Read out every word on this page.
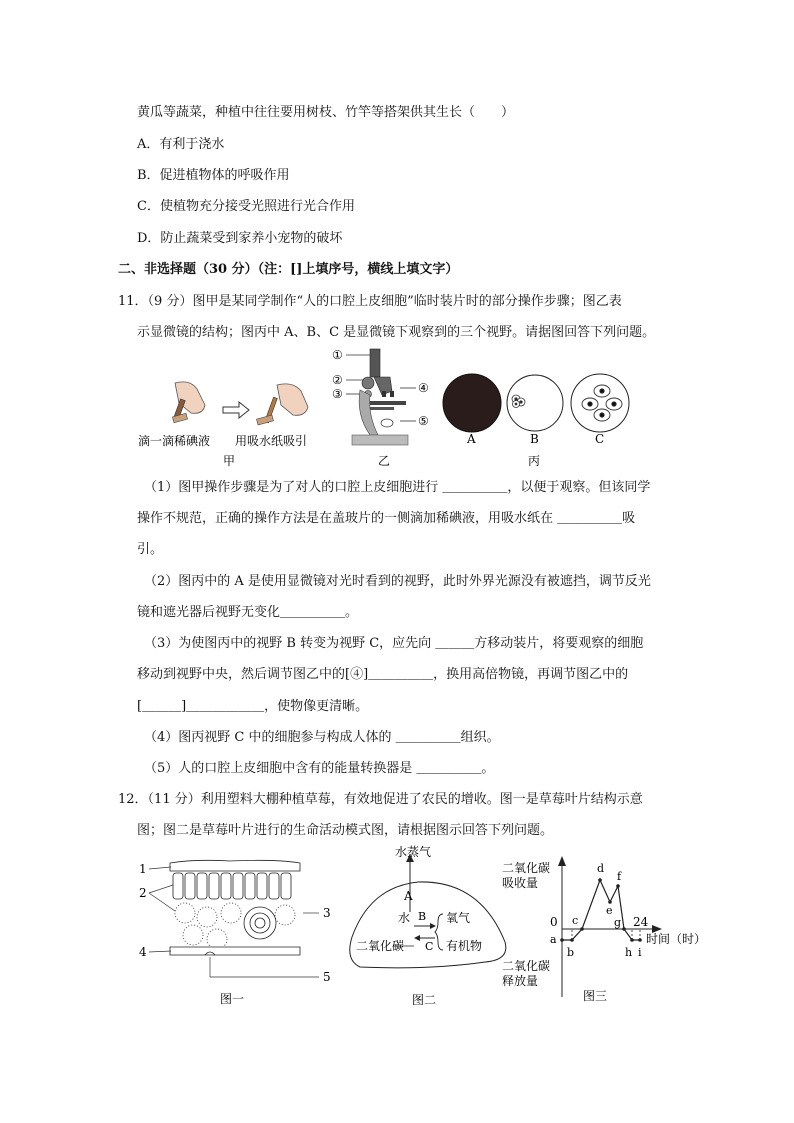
黄瓜等蔬菜，种植中往往要用树枝、竹竿等搭架供其生长（　　）
A．有利于浇水
B．促进植物体的呼吸作用
C．使植物充分接受光照进行光合作用
D．防止蔬菜受到家养小宠物的破坏
二、非选择题（30 分）（注：[]上填序号，横线上填文字）
11．（9 分）图甲是某同学制作“人的口腔上皮细胞”临时装片时的部分操作步骤；图乙表
示显微镜的结构；图丙中 A、B、C 是显微镜下观察到的三个视野。请据图回答下列问题。
滴一滴稀碘液 用吸水纸吸引
甲
①
②
③	④
⑤
乙
A	B	C
丙
（1）图甲操作步骤是为了对人的口腔上皮细胞进行 ＿＿＿＿＿，以便于观察。但该同学
操作不规范，正确的操作方法是在盖玻片的一侧滴加稀碘液，用吸水纸在 ＿＿＿＿＿吸
引。
（2）图丙中的 A 是使用显微镜对光时看到的视野，此时外界光源没有被遮挡，调节反光
镜和遮光器后视野无变化＿＿＿＿＿。
（3）为使图丙中的视野 B 转变为视野 C，应先向 ＿＿＿方移动装片，将要观察的细胞
移动到视野中央，然后调节图乙中的[④]＿＿＿＿＿，换用高倍物镜，再调节图乙中的
[＿＿＿]＿＿＿＿＿＿，使物像更清晰。
（4）图丙视野 C 中的细胞参与构成人体的 ＿＿＿＿＿组织。
（5）人的口腔上皮细胞中含有的能量转换器是 ＿＿＿＿＿。
12．（11 分）利用塑料大棚种植草莓，有效地促进了农民的增收。图一是草莓叶片结构示意
图；图二是草莓叶片进行的生命活动模式图，请根据图示回答下列问题。
1
2
3
4
5
图一
水蒸气
A
水 B
C
氧气
有机物
二氧化碳
图二
二氧化碳
吸收量
二氧化碳
释放量
0	24
时间（时）
a
b
c
d
e
f
g
h i
图三
